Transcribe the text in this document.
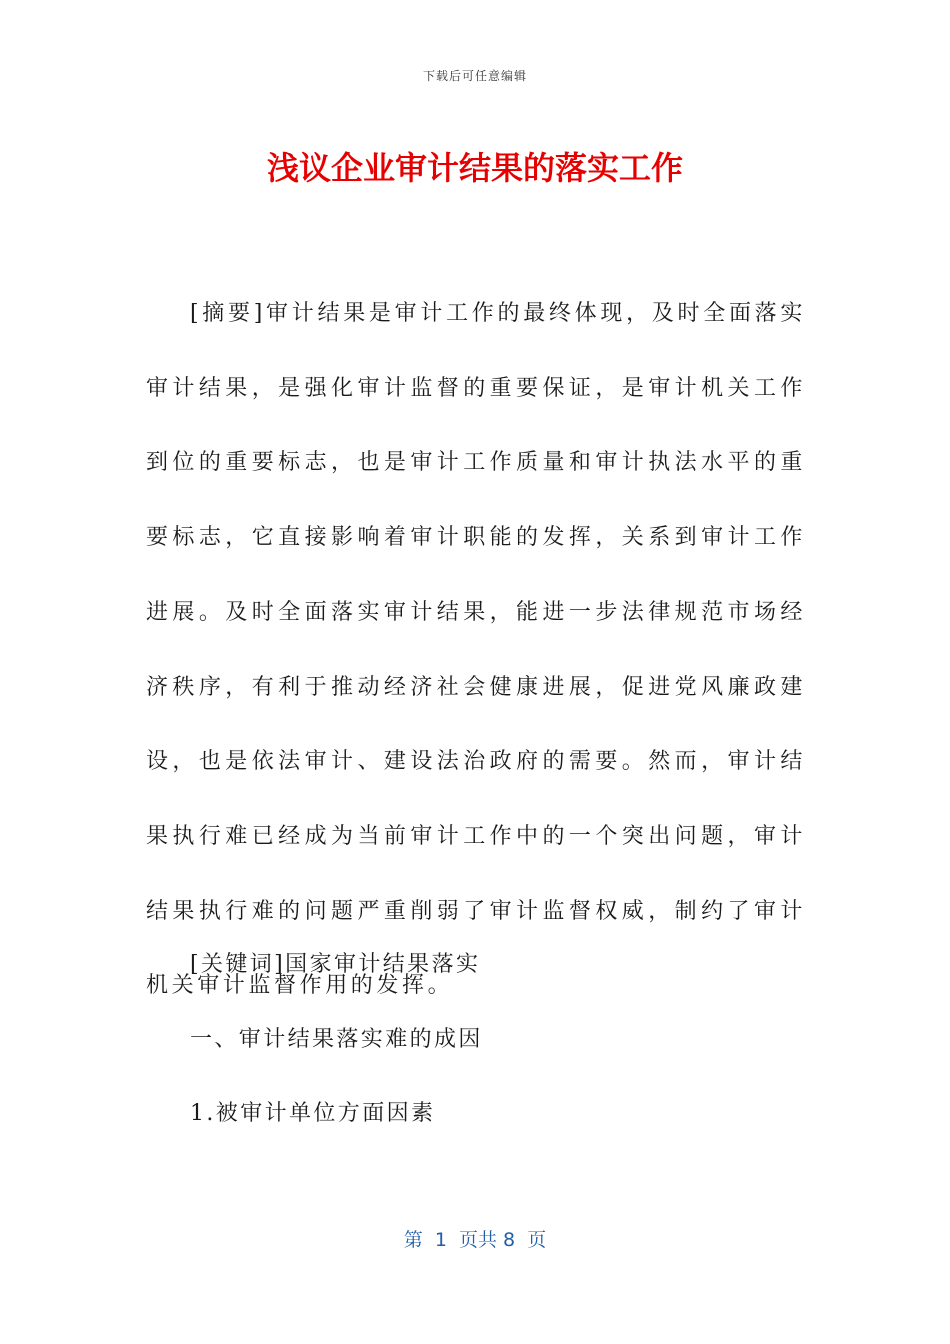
下载后可任意编辑
浅议企业审计结果的落实工作

[摘要]审计结果是审计工作的最终体现，及时全面落实审计结果，是强化审计监督的重要保证，是审计机关工作到位的重要标志，也是审计工作质量和审计执法水平的重要标志，它直接影响着审计职能的发挥，关系到审计工作进展。及时全面落实审计结果，能进一步法律规范市场经济秩序，有利于推动经济社会健康进展，促进党风廉政建设，也是依法审计、建设法治政府的需要。然而，审计结果执行难已经成为当前审计工作中的一个突出问题，审计结果执行难的问题严重削弱了审计监督权威，制约了审计机关审计监督作用的发挥。

[关键词]国家审计结果落实

一、审计结果落实难的成因

1.被审计单位方面因素

第  1  页共 8  页
